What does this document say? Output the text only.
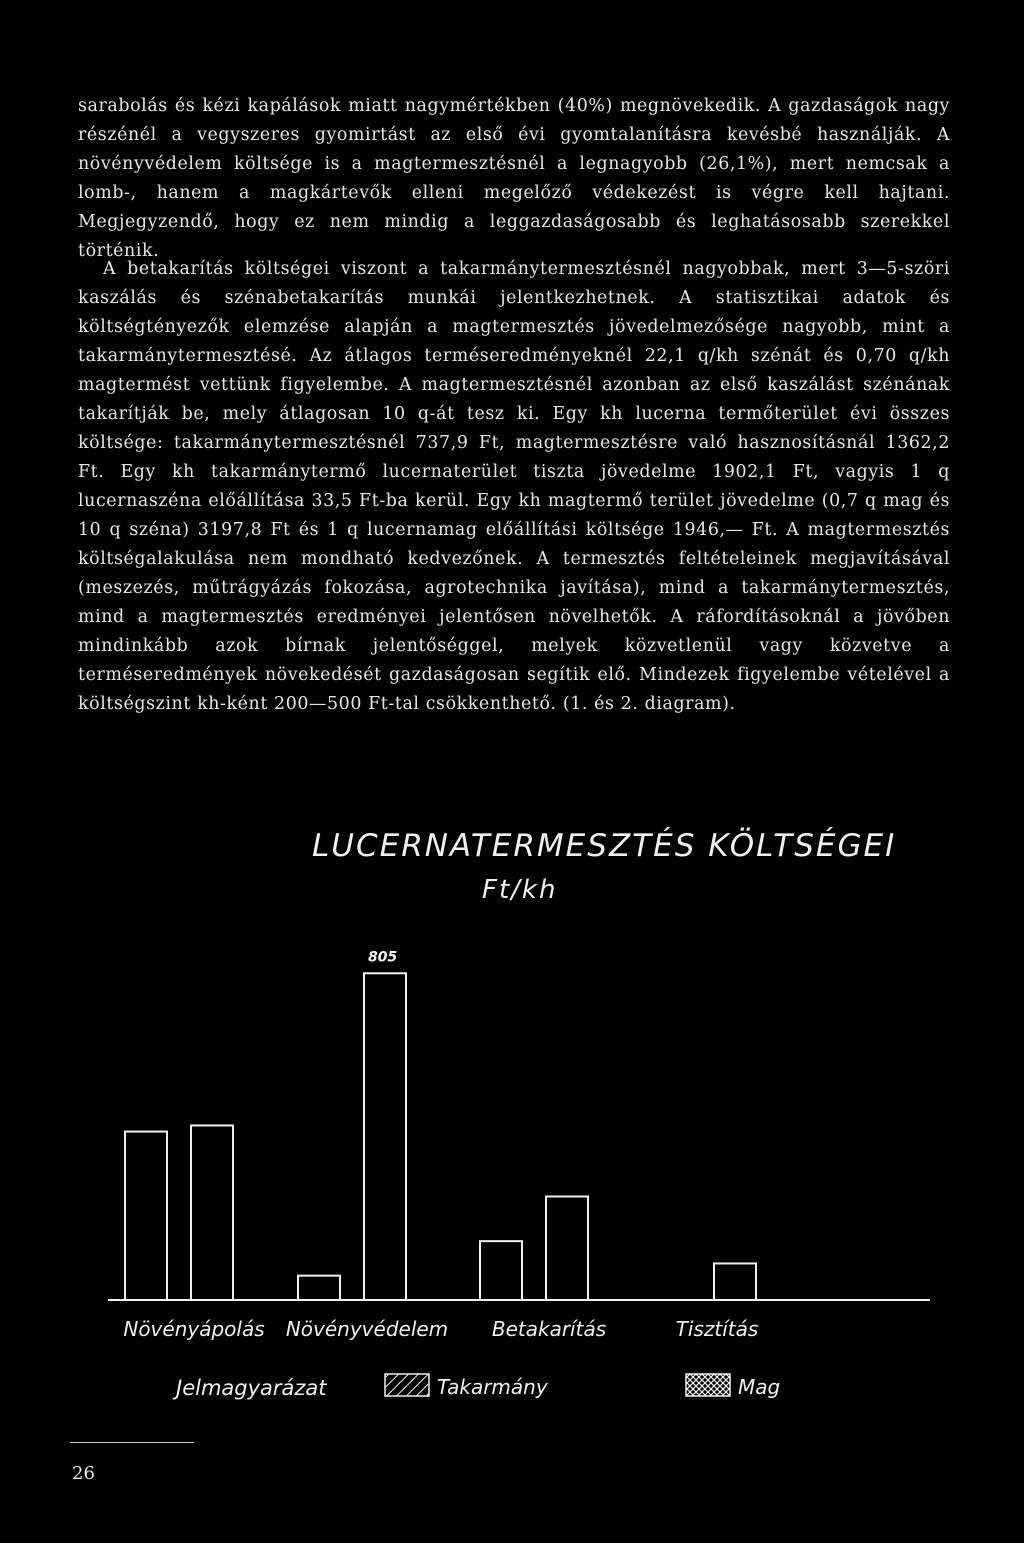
sarabolás és kézi kapálások miatt nagymértékben (40%) megnövekedik. A gazdaságok nagy részénél a vegyszeres gyomirtást az első évi gyomtalanításra kevésbé használják. A növényvédelem költsége is a magtermesztésnél a legnagyobb (26,1%), mert nemcsak a lomb-, hanem a magkártevők elleni megelőző védekezést is végre kell hajtani. Megjegyzendő, hogy ez nem mindig a leggazdaságosabb és leghatásosabb szerekkel történik.

A betakarítás költségei viszont a takarmánytermesztésnél nagyobbak, mert 3—5-szöri kaszálás és szénabetakarítás munkái jelentkezhetnek. A statisztikai adatok és költségtényezők elemzése alapján a magtermesztés jövedelmezősége nagyobb, mint a takarmánytermesztésé. Az átlagos terméseredményeknél 22,1 q/kh szénát és 0,70 q/kh magtermést vettünk figyelembe. A magtermesztésnél azonban az első kaszálást szénának takarítják be, mely átlagosan 10 q-át tesz ki. Egy kh lucerna termőterület évi összes költsége: takarmánytermesztésnél 737,9 Ft, magtermesztésre való hasznosításnál 1362,2 Ft. Egy kh takarmánytermő lucernaterület tiszta jövedelme 1902,1 Ft, vagyis 1 q lucernaszéna előállítása 33,5 Ft-ba kerül. Egy kh magtermő terület jövedelme (0,7 q mag és 10 q széna) 3197,8 Ft és 1 q lucernamag előállítási költsége 1946,— Ft. A magtermesztés költségalakulása nem mondható kedvezőnek. A termesztés feltételeinek megjavításával (meszezés, műtrágyázás fokozása, agrotechnika javítása), mind a takarmánytermesztés, mind a magtermesztés eredményei jelentősen növelhetők. A ráfordításoknál a jövőben mindinkább azok bírnak jelentőséggel, melyek közvetlenül vagy közvetve a terméseredmények növekedését gazdaságosan segítik elő. Mindezek figyelembe vételével a költségszint kh-ként 200—500 Ft-tal csökkenthető. (1. és 2. diagram).

LUCERNATERMESZTÉS KÖLTSÉGEI
Ft/kh
Növényápolás
805
Növényvédelem Betakarítás	Tisztítás
Takarmány	Mag
Jelmagyarázat
26
